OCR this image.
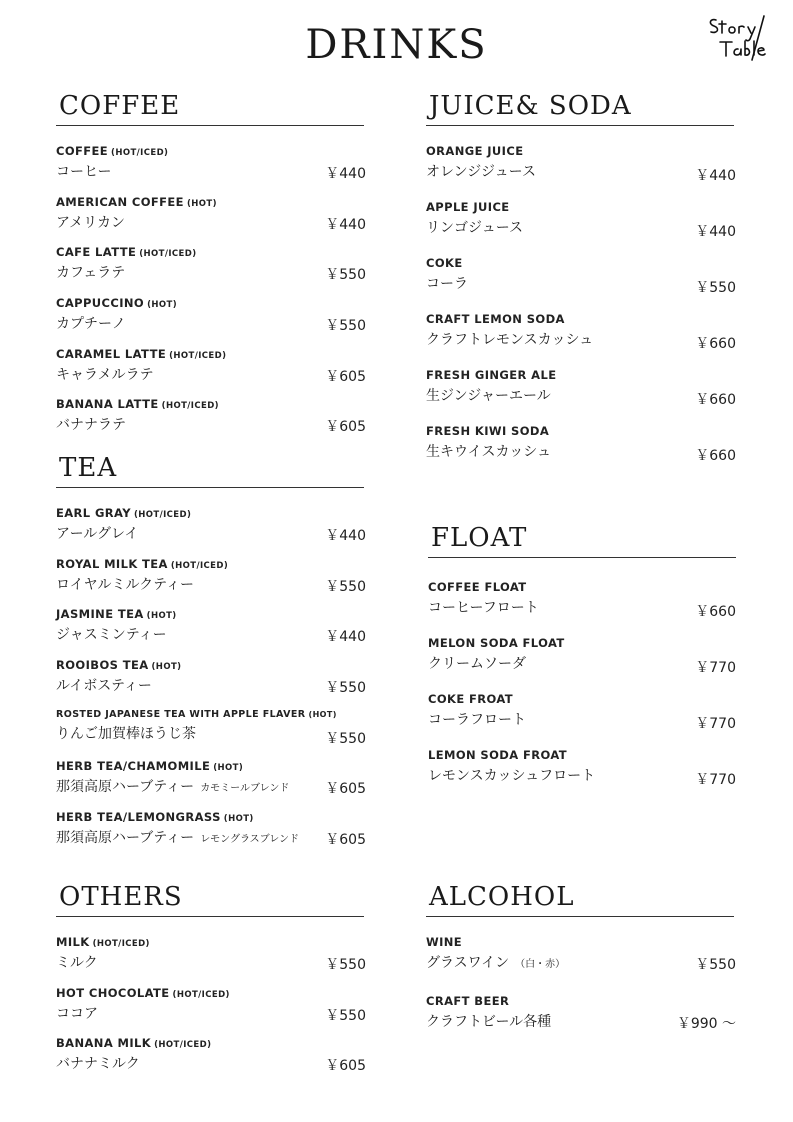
DRINKS
COFFEE
COFFEE (HOT/ICED)
コーヒー	￥440
AMERICAN COFFEE (HOT)
アメリカン	￥440
CAFE LATTE (HOT/ICED)
カフェラテ	￥550
CAPPUCCINO (HOT)
カプチーノ	￥550
CARAMEL LATTE (HOT/ICED)
キャラメルラテ	￥605
BANANA LATTE (HOT/ICED)
バナナラテ	￥605
TEA
EARL GRAY (HOT/ICED)
アールグレイ	￥440
ROYAL MILK TEA (HOT/ICED)
ロイヤルミルクティー	￥550
JASMINE TEA (HOT)
ジャスミンティー	￥440
ROOIBOS TEA (HOT)
ルイボスティー	￥550
ROSTED JAPANESE TEA WITH APPLE FLAVER (HOT)
りんご加賀棒ほうじ茶	￥550
HERB TEA/CHAMOMILE (HOT)
那須高原ハーブティー カモミールブレンド	￥605
HERB TEA/LEMONGRASS (HOT)
那須高原ハーブティー レモングラスブレンド	￥605
OTHERS
MILK (HOT/ICED)
ミルク	￥550
HOT CHOCOLATE (HOT/ICED)
ココア	￥550
BANANA MILK (HOT/ICED)
バナナミルク	￥605
JUICE& SODA
ORANGE JUICE
オレンジジュース	￥440
APPLE JUICE
リンゴジュース	￥440
COKE
コーラ	￥550
CRAFT LEMON SODA
クラフトレモンスカッシュ	￥660
FRESH GINGER ALE
生ジンジャーエール	￥660
FRESH KIWI SODA
生キウイスカッシュ	￥660
FLOAT
COFFEE FLOAT
コーヒーフロート	￥660
MELON SODA FLOAT
クリームソーダ	￥770
COKE FROAT
コーラフロート	￥770
LEMON SODA FROAT
レモンスカッシュフロート	￥770
ALCOHOL
WINE
グラスワイン （白・赤）	￥550
CRAFT BEER
クラフトビール各種	￥990 ～
